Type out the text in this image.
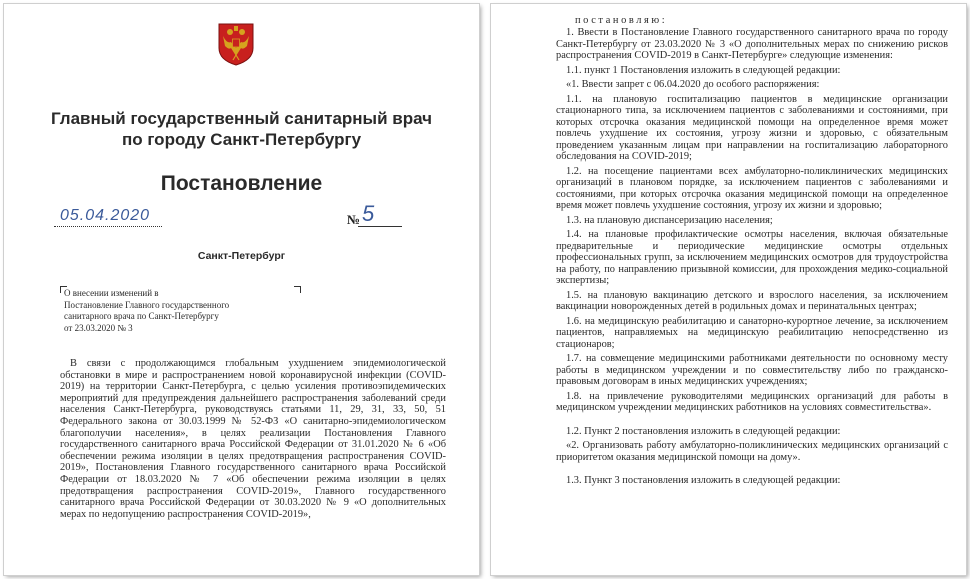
Главный государственный санитарный врач
по городу Санкт-Петербургу
Постановление
05.04.2020	№ 5
Санкт-Петербург
О внесении изменений в
Постановление Главного государственного
санитарного врача по Санкт-Петербургу
от 23.03.2020 № 3
В связи с продолжающимся глобальным ухудшением эпидемиологической обстановки в мире и распространением новой коронавирусной инфекции (COVID-2019) на территории Санкт-Петербурга, с целью усиления противоэпидемических мероприятий для предупреждения дальнейшего распространения заболеваний среди населения Санкт-Петербурга, руководствуясь статьями 11, 29, 31, 33, 50, 51 Федерального закона от 30.03.1999 № 52-ФЗ «О санитарно-эпидемиологическом благополучии населения», в целях реализации Постановления Главного государственного санитарного врача Российской Федерации от 31.01.2020 № 6 «Об обеспечении режима изоляции в целях предотвращения распространения COVID-2019», Постановления Главного государственного санитарного врача Российской Федерации от 18.03.2020 № 7 «Об обеспечении режима изоляции в целях предотвращения распространения COVID-2019», Главного государственного санитарного врача Российской Федерации от 30.03.2020 № 9 «О дополнительных мерах по недопущению распространения COVID-2019»,
постановляю:

1. Ввести в Постановление Главного государственного санитарного врача по городу Санкт-Петербургу от 23.03.2020 № 3 «О дополнительных мерах по снижению рисков распространения COVID-2019 в Санкт-Петербурге» следующие изменения:

1.1. пункт 1 Постановления изложить в следующей редакции:

«1. Ввести запрет с 06.04.2020 до особого распоряжения:

1.1. на плановую госпитализацию пациентов в медицинские организации стационарного типа, за исключением пациентов с заболеваниями и состояниями, при которых отсрочка оказания медицинской помощи на определенное время может повлечь ухудшение их состояния, угрозу жизни и здоровью, с обязательным проведением указанным лицам при направлении на госпитализацию лабораторного обследования на COVID-2019;

1.2. на посещение пациентами всех амбулаторно-поликлинических медицинских организаций в плановом порядке, за исключением пациентов с заболеваниями и состояниями, при которых отсрочка оказания медицинской помощи на определенное время может повлечь ухудшение состояния, угрозу их жизни и здоровью;

1.3. на плановую диспансеризацию населения;

1.4. на плановые профилактические осмотры населения, включая обязательные предварительные и периодические медицинские осмотры отдельных профессиональных групп, за исключением медицинских осмотров для трудоустройства на работу, по направлению призывной комиссии, для прохождения медико-социальной экспертизы;

1.5. на плановую вакцинацию детского и взрослого населения, за исключением вакцинации новорожденных детей в родильных домах и перинатальных центрах;

1.6. на медицинскую реабилитацию и санаторно-курортное лечение, за исключением пациентов, направляемых на медицинскую реабилитацию непосредственно из стационаров;

1.7. на совмещение медицинскими работниками деятельности по основному месту работы в медицинском учреждении и по совместительству либо по гражданско-правовым договорам в иных медицинских учреждениях;

1.8. на привлечение руководителями медицинских организаций для работы в медицинском учреждении медицинских работников на условиях совместительства».

1.2. Пункт 2 постановления изложить в следующей редакции:

«2. Организовать работу амбулаторно-поликлинических медицинских организаций с приоритетом оказания медицинской помощи на дому».

1.3. Пункт 3 постановления изложить в следующей редакции:
